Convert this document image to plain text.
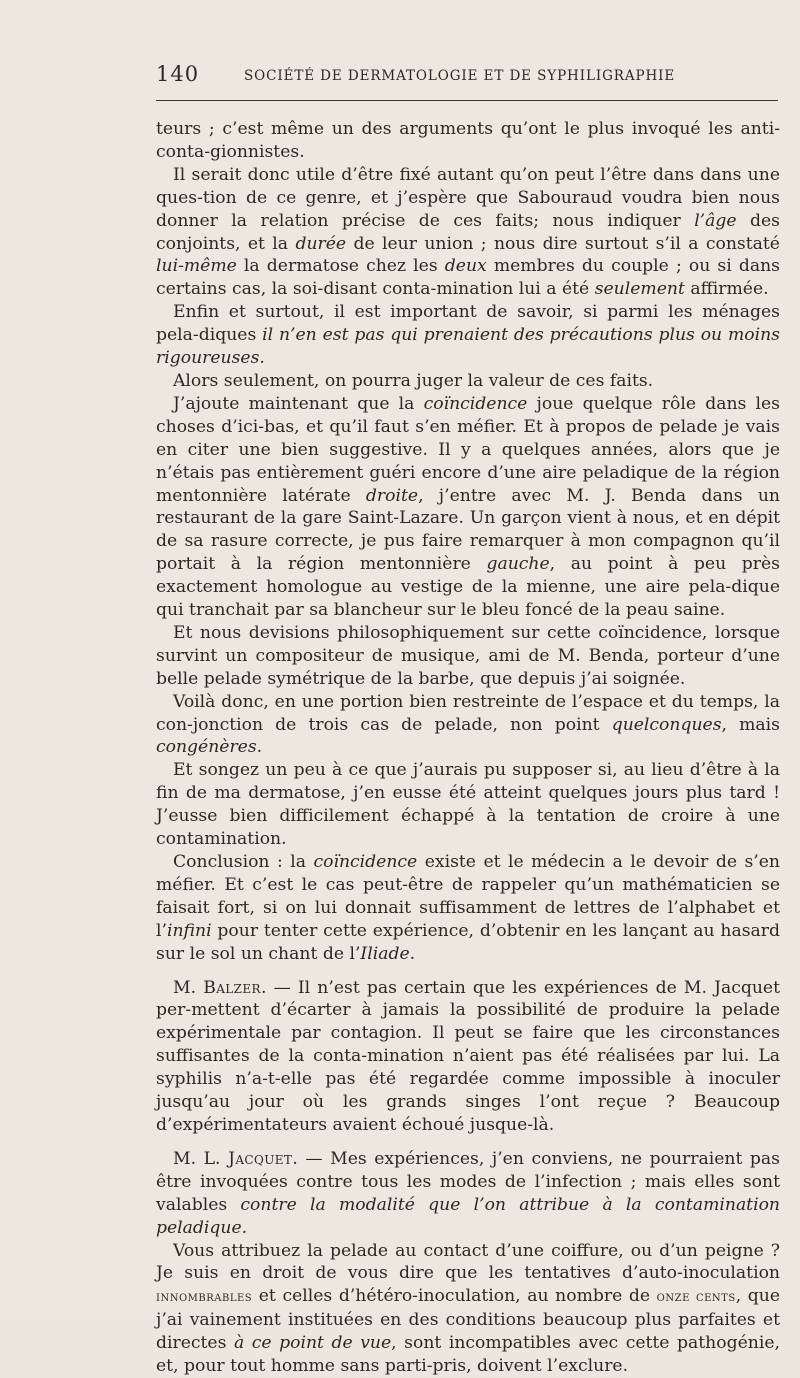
140	SOCIÉTÉ DE DERMATOLOGIE ET DE SYPHILIGRAPHIE

teurs ; c’est même un des arguments qu’ont le plus invoqué les anti-conta-gionnistes.

Il serait donc utile d’être fixé autant qu’on peut l’être dans dans une ques-tion de ce genre, et j’espère que Sabouraud voudra bien nous donner la relation précise de ces faits; nous indiquer l’âge des conjoints, et la durée de leur union ; nous dire surtout s’il a constaté lui-même la dermatose chez les deux membres du couple ; ou si dans certains cas, la soi-disant conta-mination lui a été seulement affirmée.

Enfin et surtout, il est important de savoir, si parmi les ménages pela-diques il n’en est pas qui prenaient des précautions plus ou moins rigoureuses.

Alors seulement, on pourra juger la valeur de ces faits.

J’ajoute maintenant que la coïncidence joue quelque rôle dans les choses d’ici-bas, et qu’il faut s’en méfier. Et à propos de pelade je vais en citer une bien suggestive. Il y a quelques années, alors que je n’étais pas entièrement guéri encore d’une aire peladique de la région mentonnière latérate droite, j’entre avec M. J. Benda dans un restaurant de la gare Saint-Lazare. Un garçon vient à nous, et en dépit de sa rasure correcte, je pus faire remarquer à mon compagnon qu’il portait à la région mentonnière gauche, au point à peu près exactement homologue au vestige de la mienne, une aire pela-dique qui tranchait par sa blancheur sur le bleu foncé de la peau saine.

Et nous devisions philosophiquement sur cette coïncidence, lorsque survint un compositeur de musique, ami de M. Benda, porteur d’une belle pelade symétrique de la barbe, que depuis j’ai soignée.

Voilà donc, en une portion bien restreinte de l’espace et du temps, la con-jonction de trois cas de pelade, non point quelconques, mais congénères.

Et songez un peu à ce que j’aurais pu supposer si, au lieu d’être à la fin de ma dermatose, j’en eusse été atteint quelques jours plus tard ! J’eusse bien difficilement échappé à la tentation de croire à une contamination.

Conclusion : la coïncidence existe et le médecin a le devoir de s’en méfier. Et c’est le cas peut-être de rappeler qu’un mathématicien se faisait fort, si on lui donnait suffisamment de lettres de l’alphabet et l’infini pour tenter cette expérience, d’obtenir en les lançant au hasard sur le sol un chant de l’Iliade.

M. Balzer. — Il n’est pas certain que les expériences de M. Jacquet per-mettent d’écarter à jamais la possibilité de produire la pelade expérimentale par contagion. Il peut se faire que les circonstances suffisantes de la conta-mination n’aient pas été réalisées par lui. La syphilis n’a-t-elle pas été regardée comme impossible à inoculer jusqu’au jour où les grands singes l’ont reçue ? Beaucoup d’expérimentateurs avaient échoué jusque-là.

M. L. Jacquet. — Mes expériences, j’en conviens, ne pourraient pas être invoquées contre tous les modes de l’infection ; mais elles sont valables contre la modalité que l’on attribue à la contamination peladique.

Vous attribuez la pelade au contact d’une coiffure, ou d’un peigne ? Je suis en droit de vous dire que les tentatives d’auto-inoculation innombrables et celles d’hétéro-inoculation, au nombre de onze cents, que j’ai vainement instituées en des conditions beaucoup plus parfaites et directes à ce point de vue, sont incompatibles avec cette pathogénie, et, pour tout homme sans parti-pris, doivent l’exclure.
